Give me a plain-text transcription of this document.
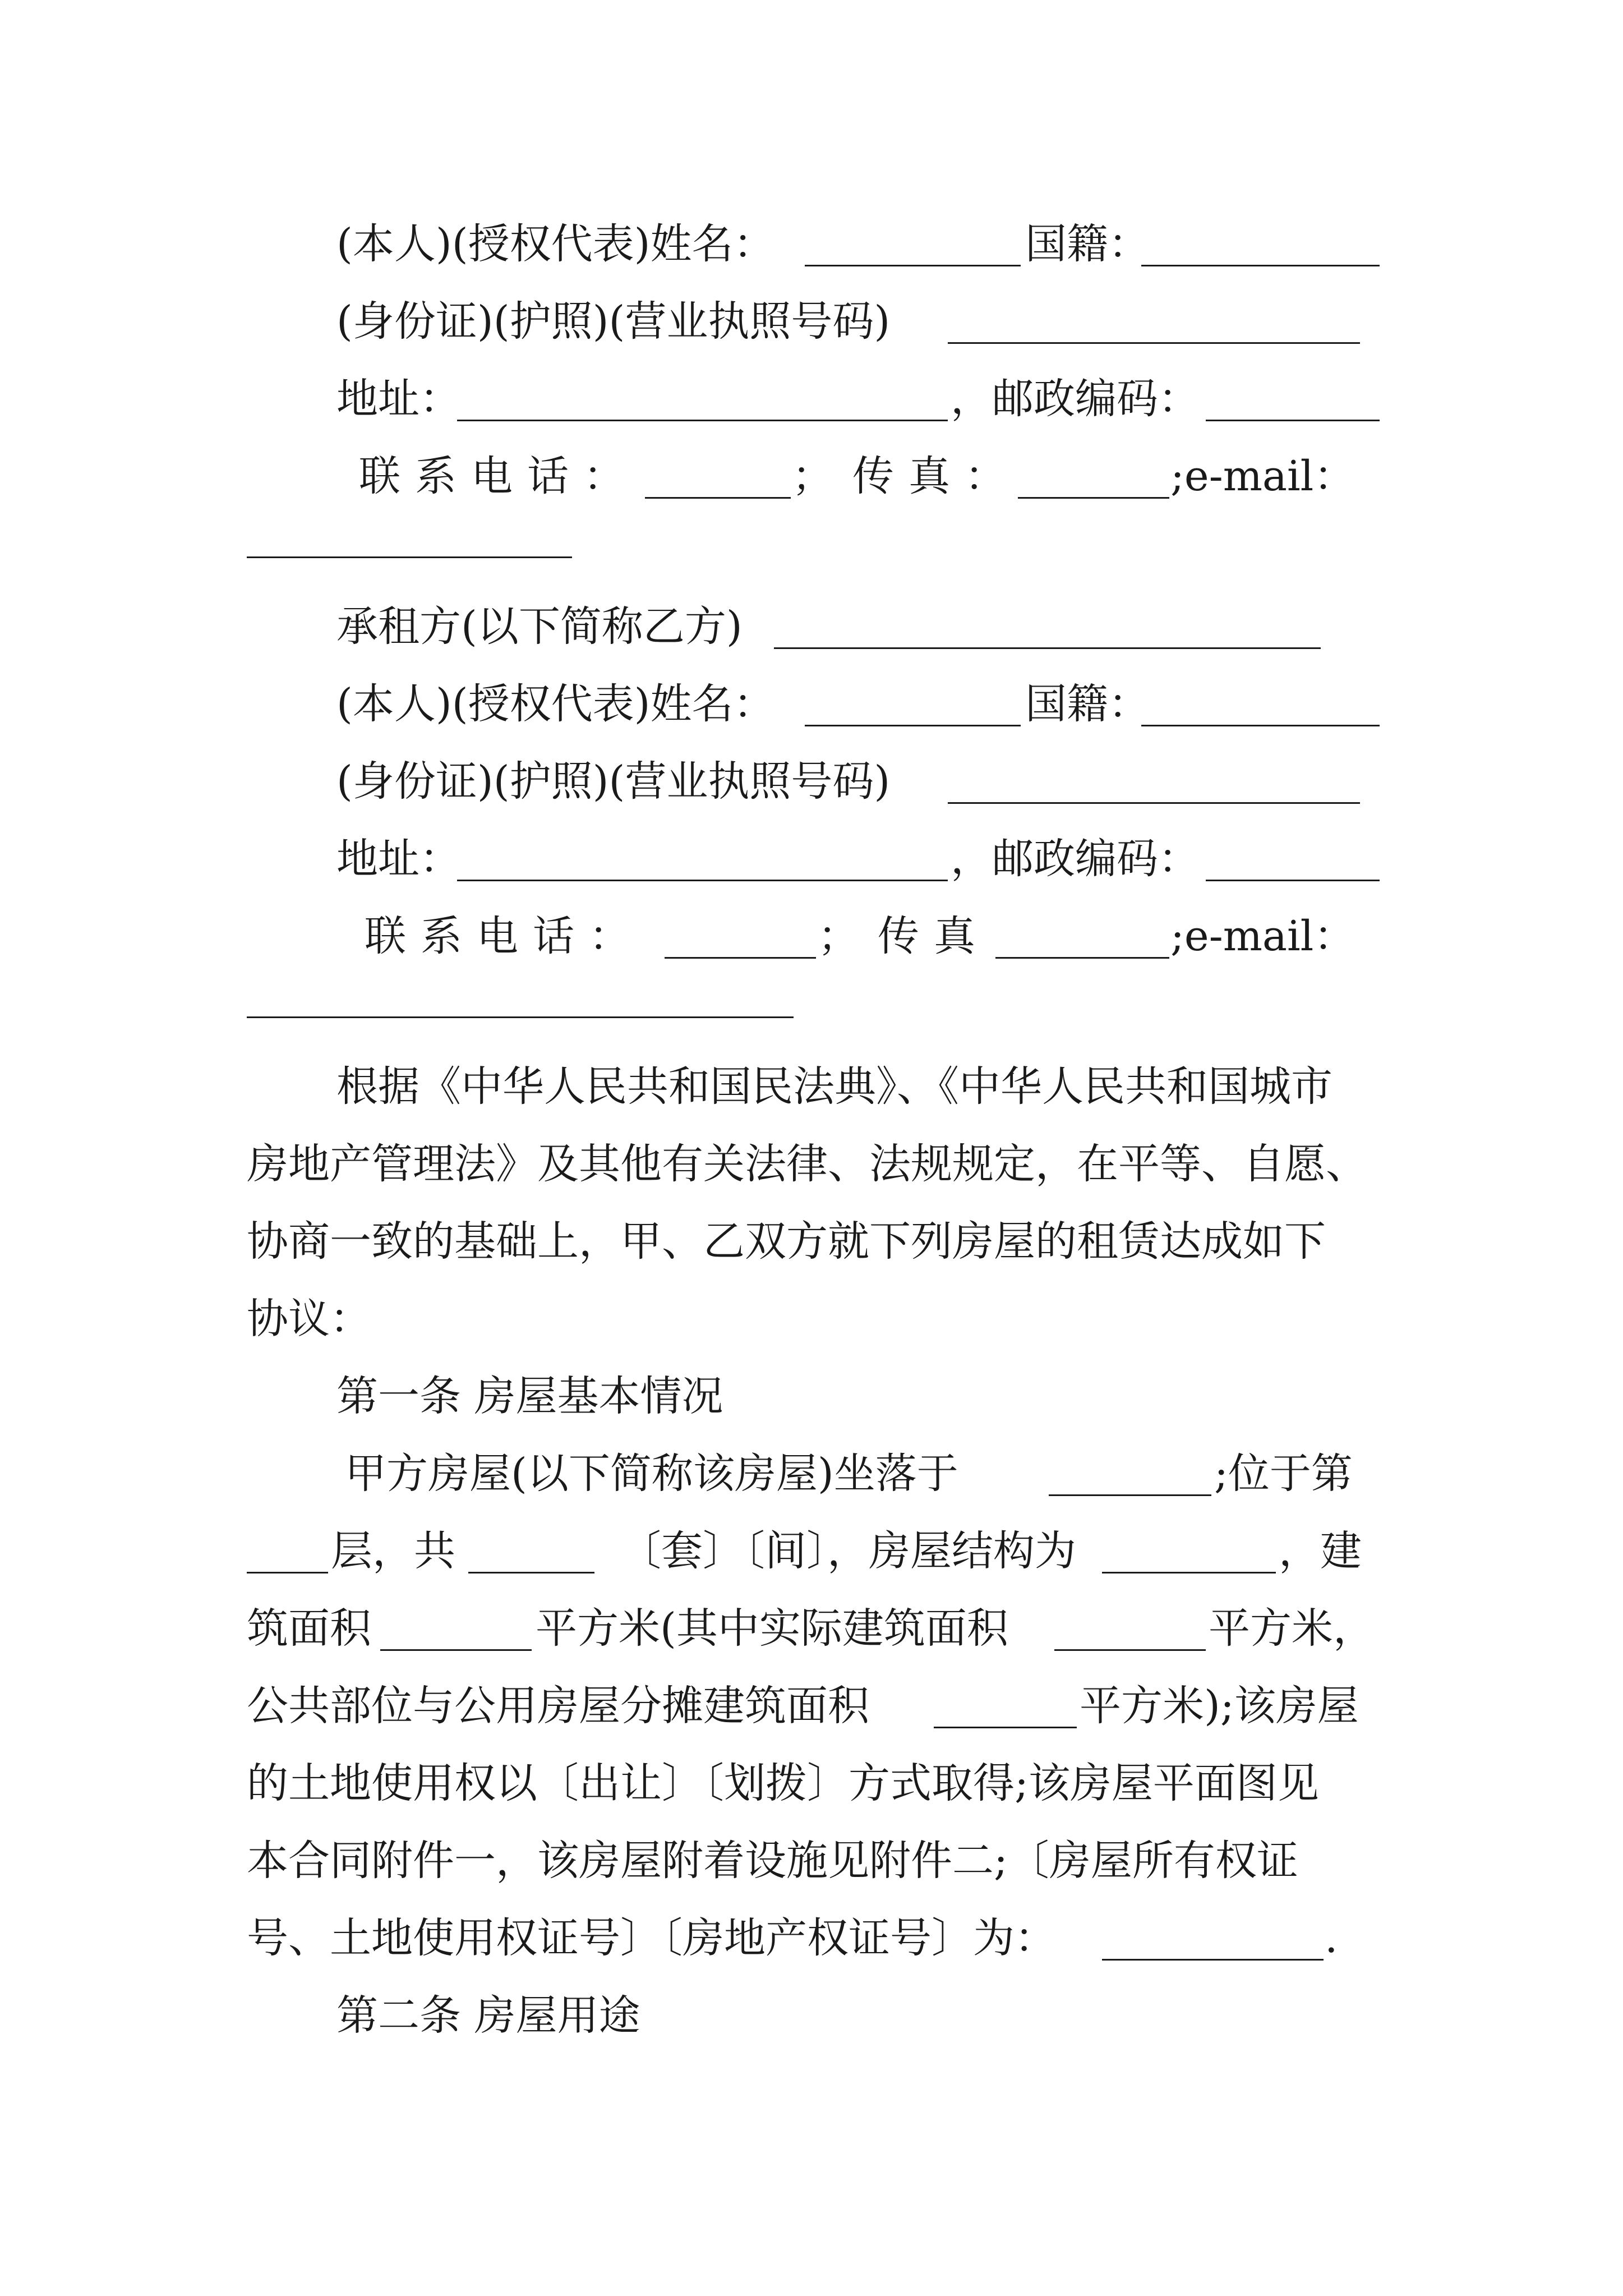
(本人)(授权代表)姓名：	国籍：
(身份证)(护照)(营业执照号码)
地址：	，邮政编码：
联系电话：	； 传真：	;e-mail：
承租方(以下简称乙方)
(本人)(授权代表)姓名：	国籍：
(身份证)(护照)(营业执照号码)
地址：	，邮政编码：
联系电话：	； 传真	;e-mail：
根据《中华人民共和国民法典》、《中华人民共和国城市
房地产管理法》及其他有关法律、法规规定，在平等、自愿、
协商一致的基础上，甲、乙双方就下列房屋的租赁达成如下
协议：
第一条 房屋基本情况
甲方房屋(以下简称该房屋)坐落于	;位于第
层，共	〔套〕〔间〕，房屋结构为	，建
筑面积	平方米(其中实际建筑面积	平方米，
公共部位与公用房屋分摊建筑面积	平方米);该房屋
的土地使用权以〔出让〕〔划拨〕方式取得;该房屋平面图见
本合同附件一，该房屋附着设施见附件二;〔房屋所有权证
号、土地使用权证号〕〔房地产权证号〕为：	.
第二条 房屋用途
